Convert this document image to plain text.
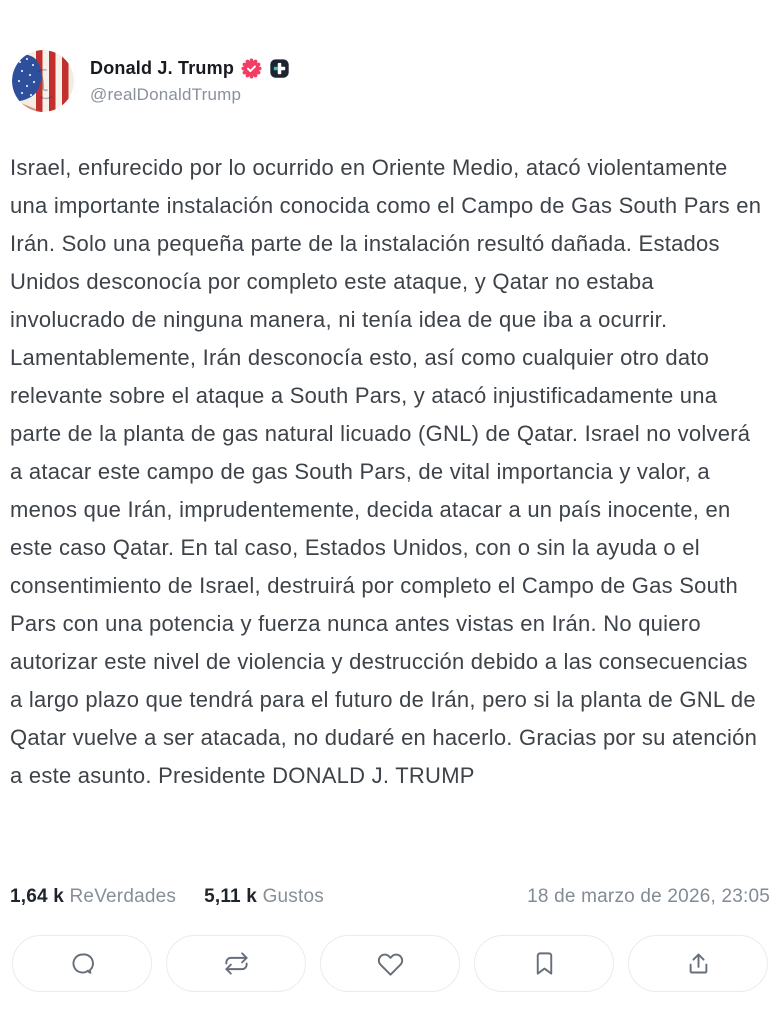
Donald J. Trump
@realDonaldTrump
Israel, enfurecido por lo ocurrido en Oriente Medio, atacó violentamente una importante instalación conocida como el Campo de Gas South Pars en Irán. Solo una pequeña parte de la instalación resultó dañada. Estados Unidos desconocía por completo este ataque, y Qatar no estaba involucrado de ninguna manera, ni tenía idea de que iba a ocurrir. Lamentablemente, Irán desconocía esto, así como cualquier otro dato relevante sobre el ataque a South Pars, y atacó injustificadamente una parte de la planta de gas natural licuado (GNL) de Qatar. Israel no volverá a atacar este campo de gas South Pars, de vital importancia y valor, a menos que Irán, imprudentemente, decida atacar a un país inocente, en este caso Qatar. En tal caso, Estados Unidos, con o sin la ayuda o el consentimiento de Israel, destruirá por completo el Campo de Gas South Pars con una potencia y fuerza nunca antes vistas en Irán. No quiero autorizar este nivel de violencia y destrucción debido a las consecuencias a largo plazo que tendrá para el futuro de Irán, pero si la planta de GNL de Qatar vuelve a ser atacada, no dudaré en hacerlo. Gracias por su atención a este asunto. Presidente DONALD J. TRUMP
1,64 k ReVerdades 5,11 k Gustos	18 de marzo de 2026, 23:05
